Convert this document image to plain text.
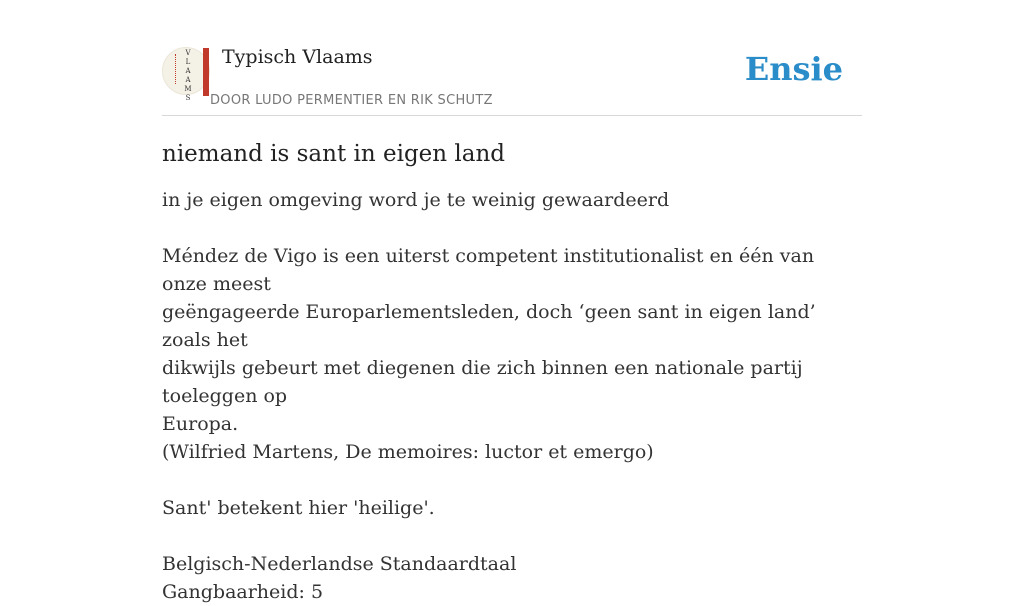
V
L
A
A
M
S
Typisch Vlaams
DOOR LUDO PERMENTIER EN RIK SCHUTZ
Ensie
niemand is sant in eigen land

in je eigen omgeving word je te weinig gewaardeerd

Méndez de Vigo is een uiterst competent institutionalist en één van onze meest
geëngageerde Europarlementsleden, doch ‘geen sant in eigen land’ zoals het
dikwijls gebeurt met diegenen die zich binnen een nationale partij toeleggen op
Europa.
(Wilfried Martens, De memoires: luctor et emergo)
Sant' betekent hier 'heilige'.
Belgisch-Nederlandse Standaardtaal
Gangbaarheid: 5
